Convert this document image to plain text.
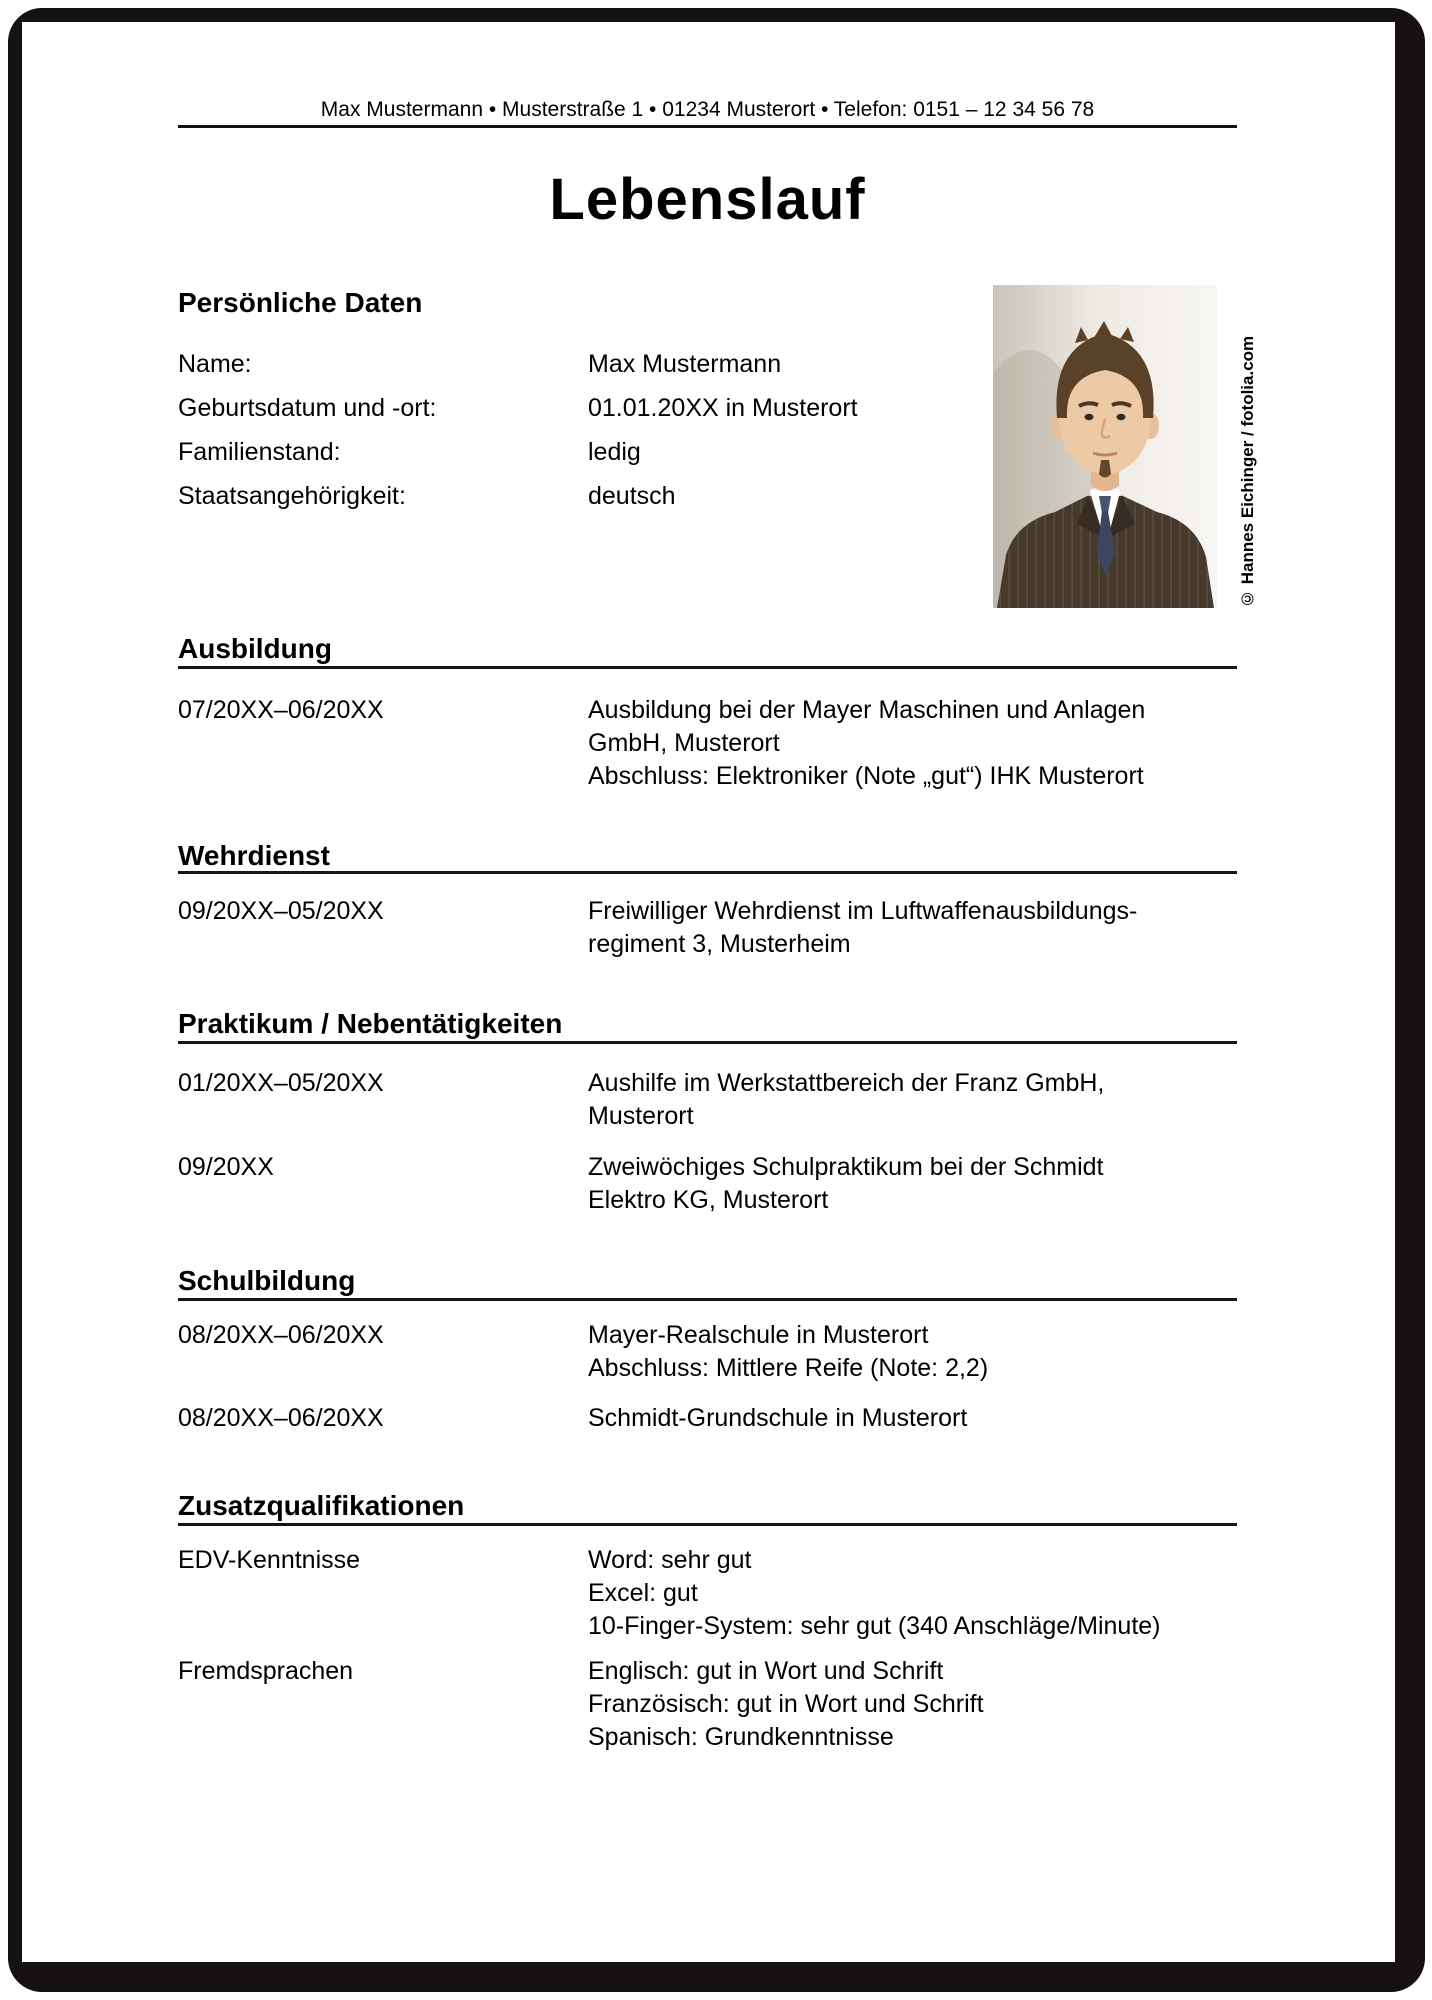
Max Mustermann • Musterstraße 1 • 01234 Musterort • Telefon: 0151 – 12 34 56 78
Lebenslauf
Persönliche Daten
Name:	Max Mustermann
Geburtsdatum und -ort:	01.01.20XX in Musterort
Familienstand:	ledig
Staatsangehörigkeit:	deutsch	© Hannes Eichinger / fotolia.com
Ausbildung
07/20XX–06/20XX	Ausbildung bei der Mayer Maschinen und Anlagen
GmbH, Musterort
Abschluss: Elektroniker (Note „gut“) IHK Musterort
Wehrdienst
09/20XX–05/20XX	Freiwilliger Wehrdienst im Luftwaffenausbildungs-
regiment 3, Musterheim
Praktikum / Nebentätigkeiten
01/20XX–05/20XX	Aushilfe im Werkstattbereich der Franz GmbH,
Musterort
09/20XX	Zweiwöchiges Schulpraktikum bei der Schmidt
Elektro KG, Musterort
Schulbildung
08/20XX–06/20XX	Mayer-Realschule in Musterort
Abschluss: Mittlere Reife (Note: 2,2)
08/20XX–06/20XX	Schmidt-Grundschule in Musterort
Zusatzqualifikationen
EDV-Kenntnisse	Word: sehr gut
Excel: gut
10-Finger-System: sehr gut (340 Anschläge/Minute)
Fremdsprachen	Englisch: gut in Wort und Schrift
Französisch: gut in Wort und Schrift
Spanisch: Grundkenntnisse
